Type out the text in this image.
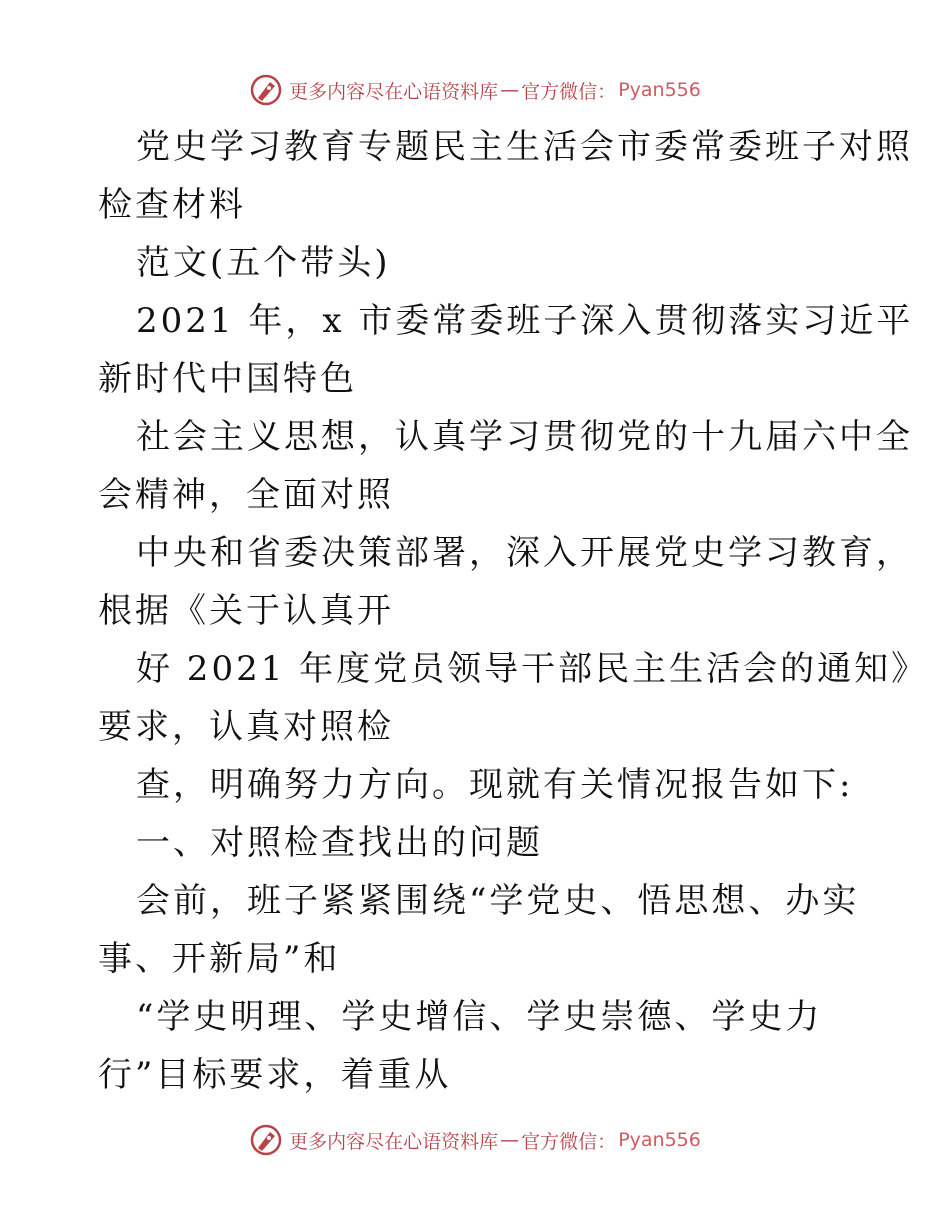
更多内容尽在心语资料库 — 官方微信： Pyan556
党史学习教育专题民主生活会市委常委班子对照
检查材料
范文(五个带头)
2021 年，x 市委常委班子深入贯彻落实习近平
新时代中国特色
社会主义思想，认真学习贯彻党的十九届六中全
会精神，全面对照
中央和省委决策部署，深入开展党史学习教育，
根据《关于认真开
好 2021 年度党员领导干部民主生活会的通知》
要求，认真对照检
查，明确努力方向。现就有关情况报告如下:
一、对照检查找出的问题
会前，班子紧紧围绕“学党史、悟思想、办实
事、开新局”和
“学史明理、学史增信、学史崇德、学史力
行”目标要求，着重从
更多内容尽在心语资料库 — 官方微信： Pyan556
